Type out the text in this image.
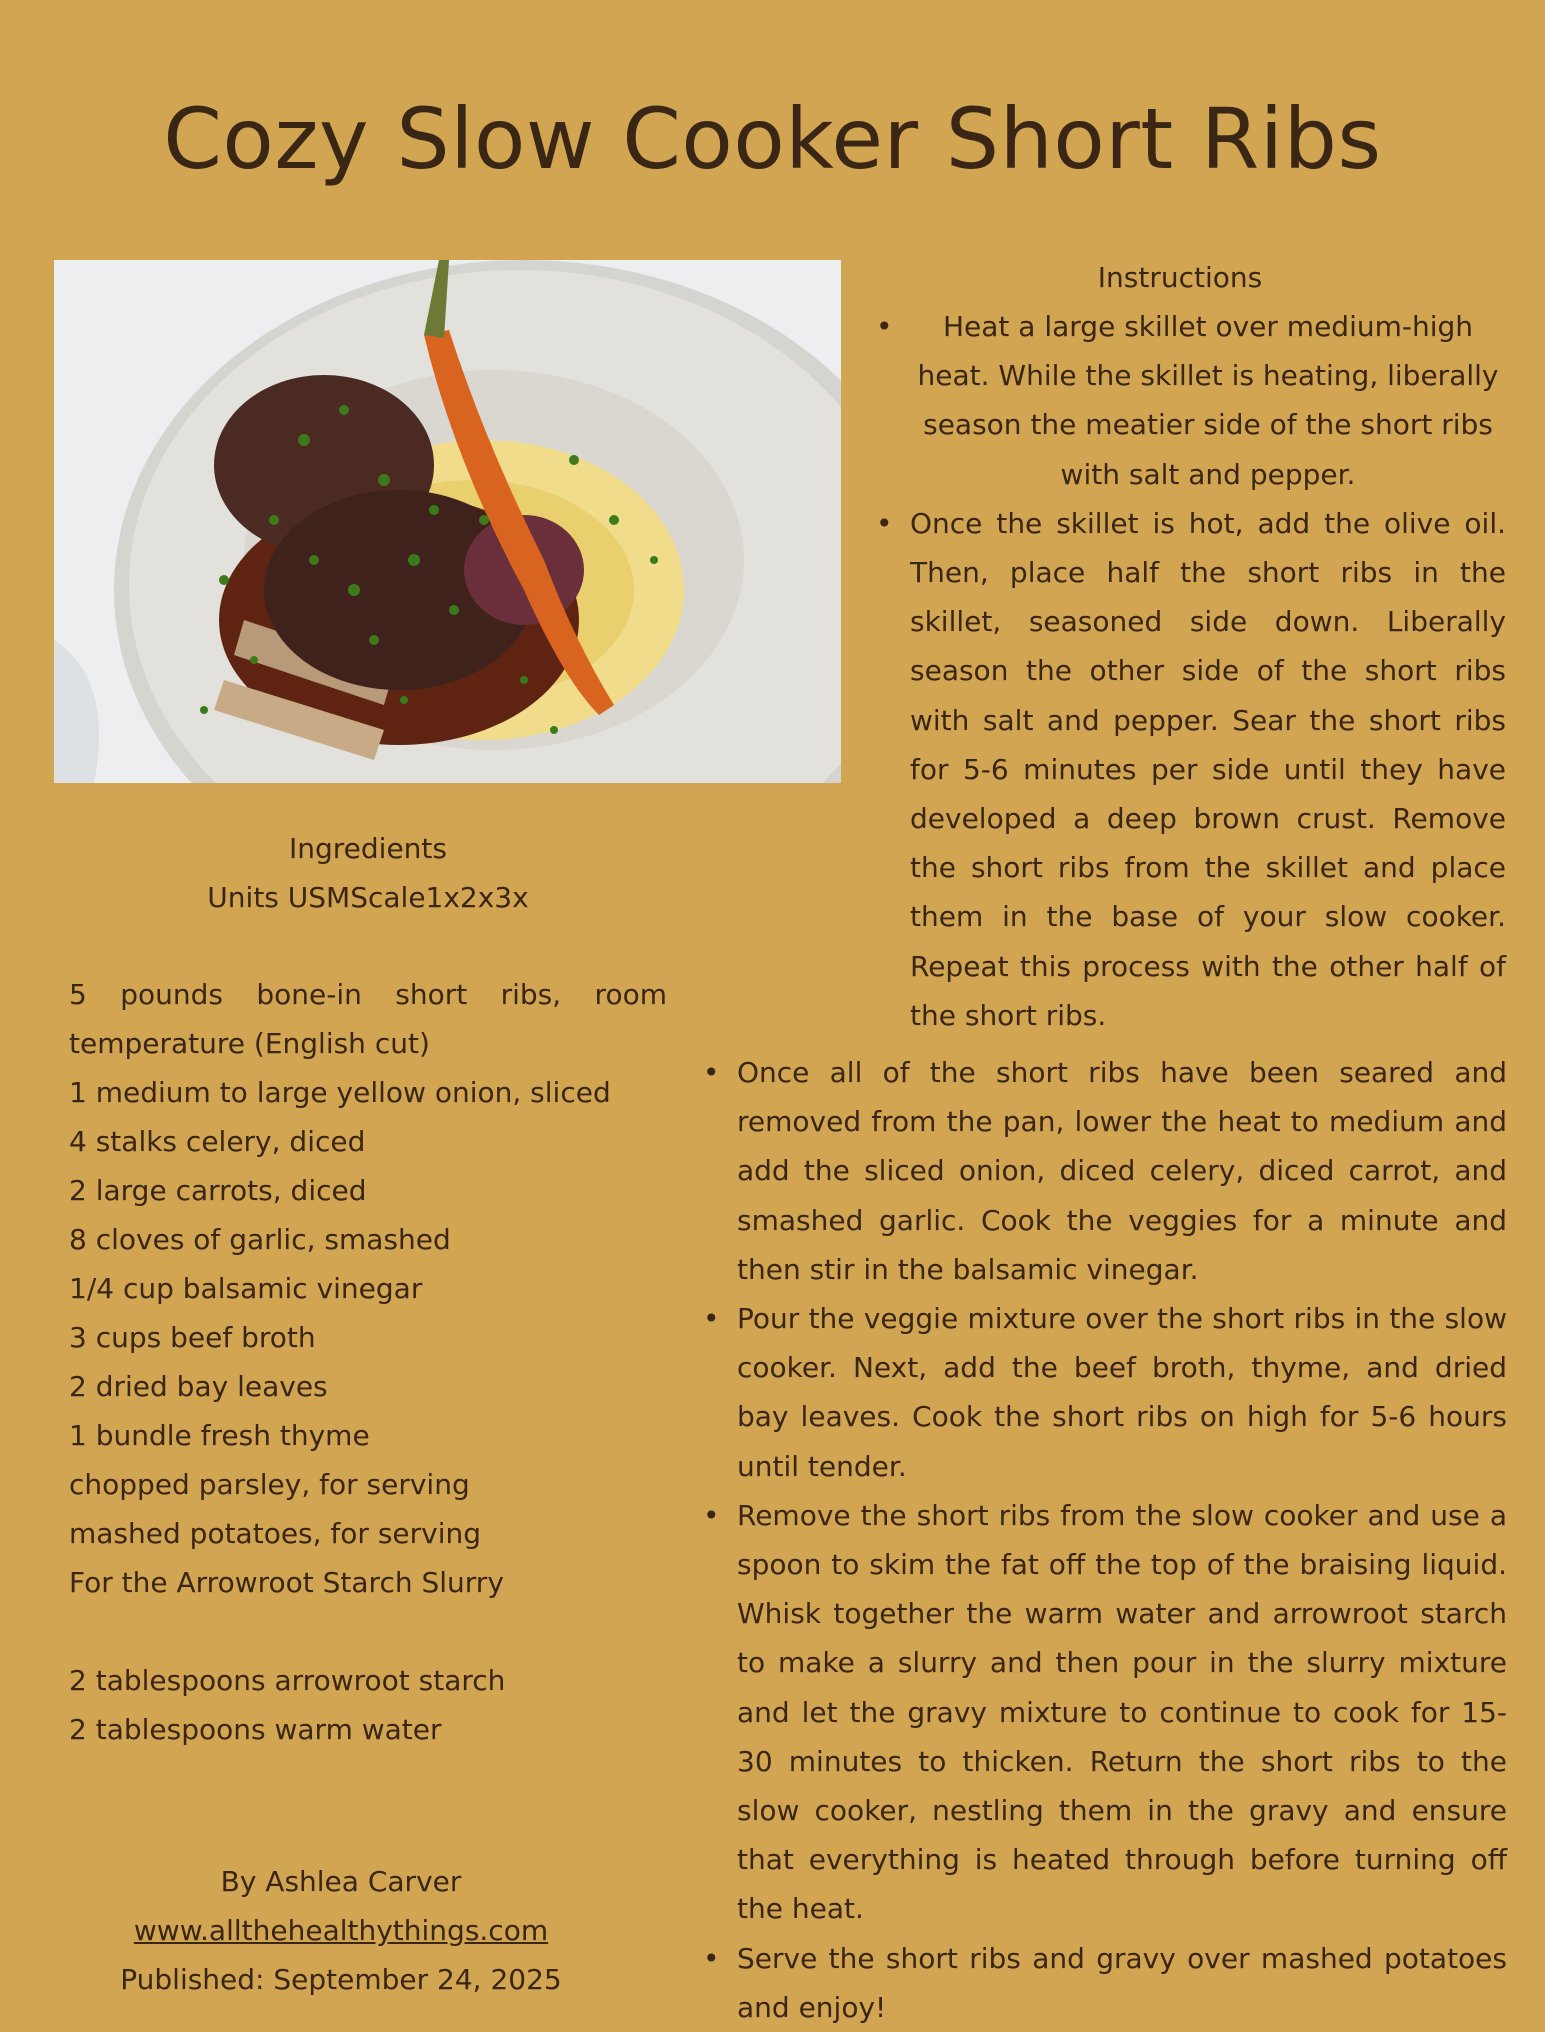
Cozy Slow Cooker Short Ribs
Ingredients
Units USMScale1x2x3x
5 pounds bone-in short ribs, room temperature (English cut)
1 medium to large yellow onion, sliced
4 stalks celery, diced
2 large carrots, diced
8 cloves of garlic, smashed
1/4 cup balsamic vinegar
3 cups beef broth
2 dried bay leaves
1 bundle fresh thyme
chopped parsley, for serving
mashed potatoes, for serving
For the Arrowroot Starch Slurry
2 tablespoons arrowroot starch
2 tablespoons warm water
By Ashlea Carver
www.allthehealthythings.com
Published: September 24, 2025
Instructions
• Heat a large skillet over medium-high heat. While the skillet is heating, liberally season the meatier side of the short ribs with salt and pepper.
• Once the skillet is hot, add the olive oil. Then, place half the short ribs in the skillet, seasoned side down. Liberally season the other side of the short ribs with salt and pepper. Sear the short ribs for 5-6 minutes per side until they have developed a deep brown crust. Remove the short ribs from the skillet and place them in the base of your slow cooker. Repeat this process with the other half of the short ribs.
• Once all of the short ribs have been seared and removed from the pan, lower the heat to medium and add the sliced onion, diced celery, diced carrot, and smashed garlic. Cook the veggies for a minute and then stir in the balsamic vinegar.
• Pour the veggie mixture over the short ribs in the slow cooker. Next, add the beef broth, thyme, and dried bay leaves. Cook the short ribs on high for 5-6 hours until tender.
• Remove the short ribs from the slow cooker and use a spoon to skim the fat off the top of the braising liquid. Whisk together the warm water and arrowroot starch to make a slurry and then pour in the slurry mixture and let the gravy mixture to continue to cook for 15-30 minutes to thicken. Return the short ribs to the slow cooker, nestling them in the gravy and ensure that everything is heated through before turning off the heat.
• Serve the short ribs and gravy over mashed potatoes and enjoy!
